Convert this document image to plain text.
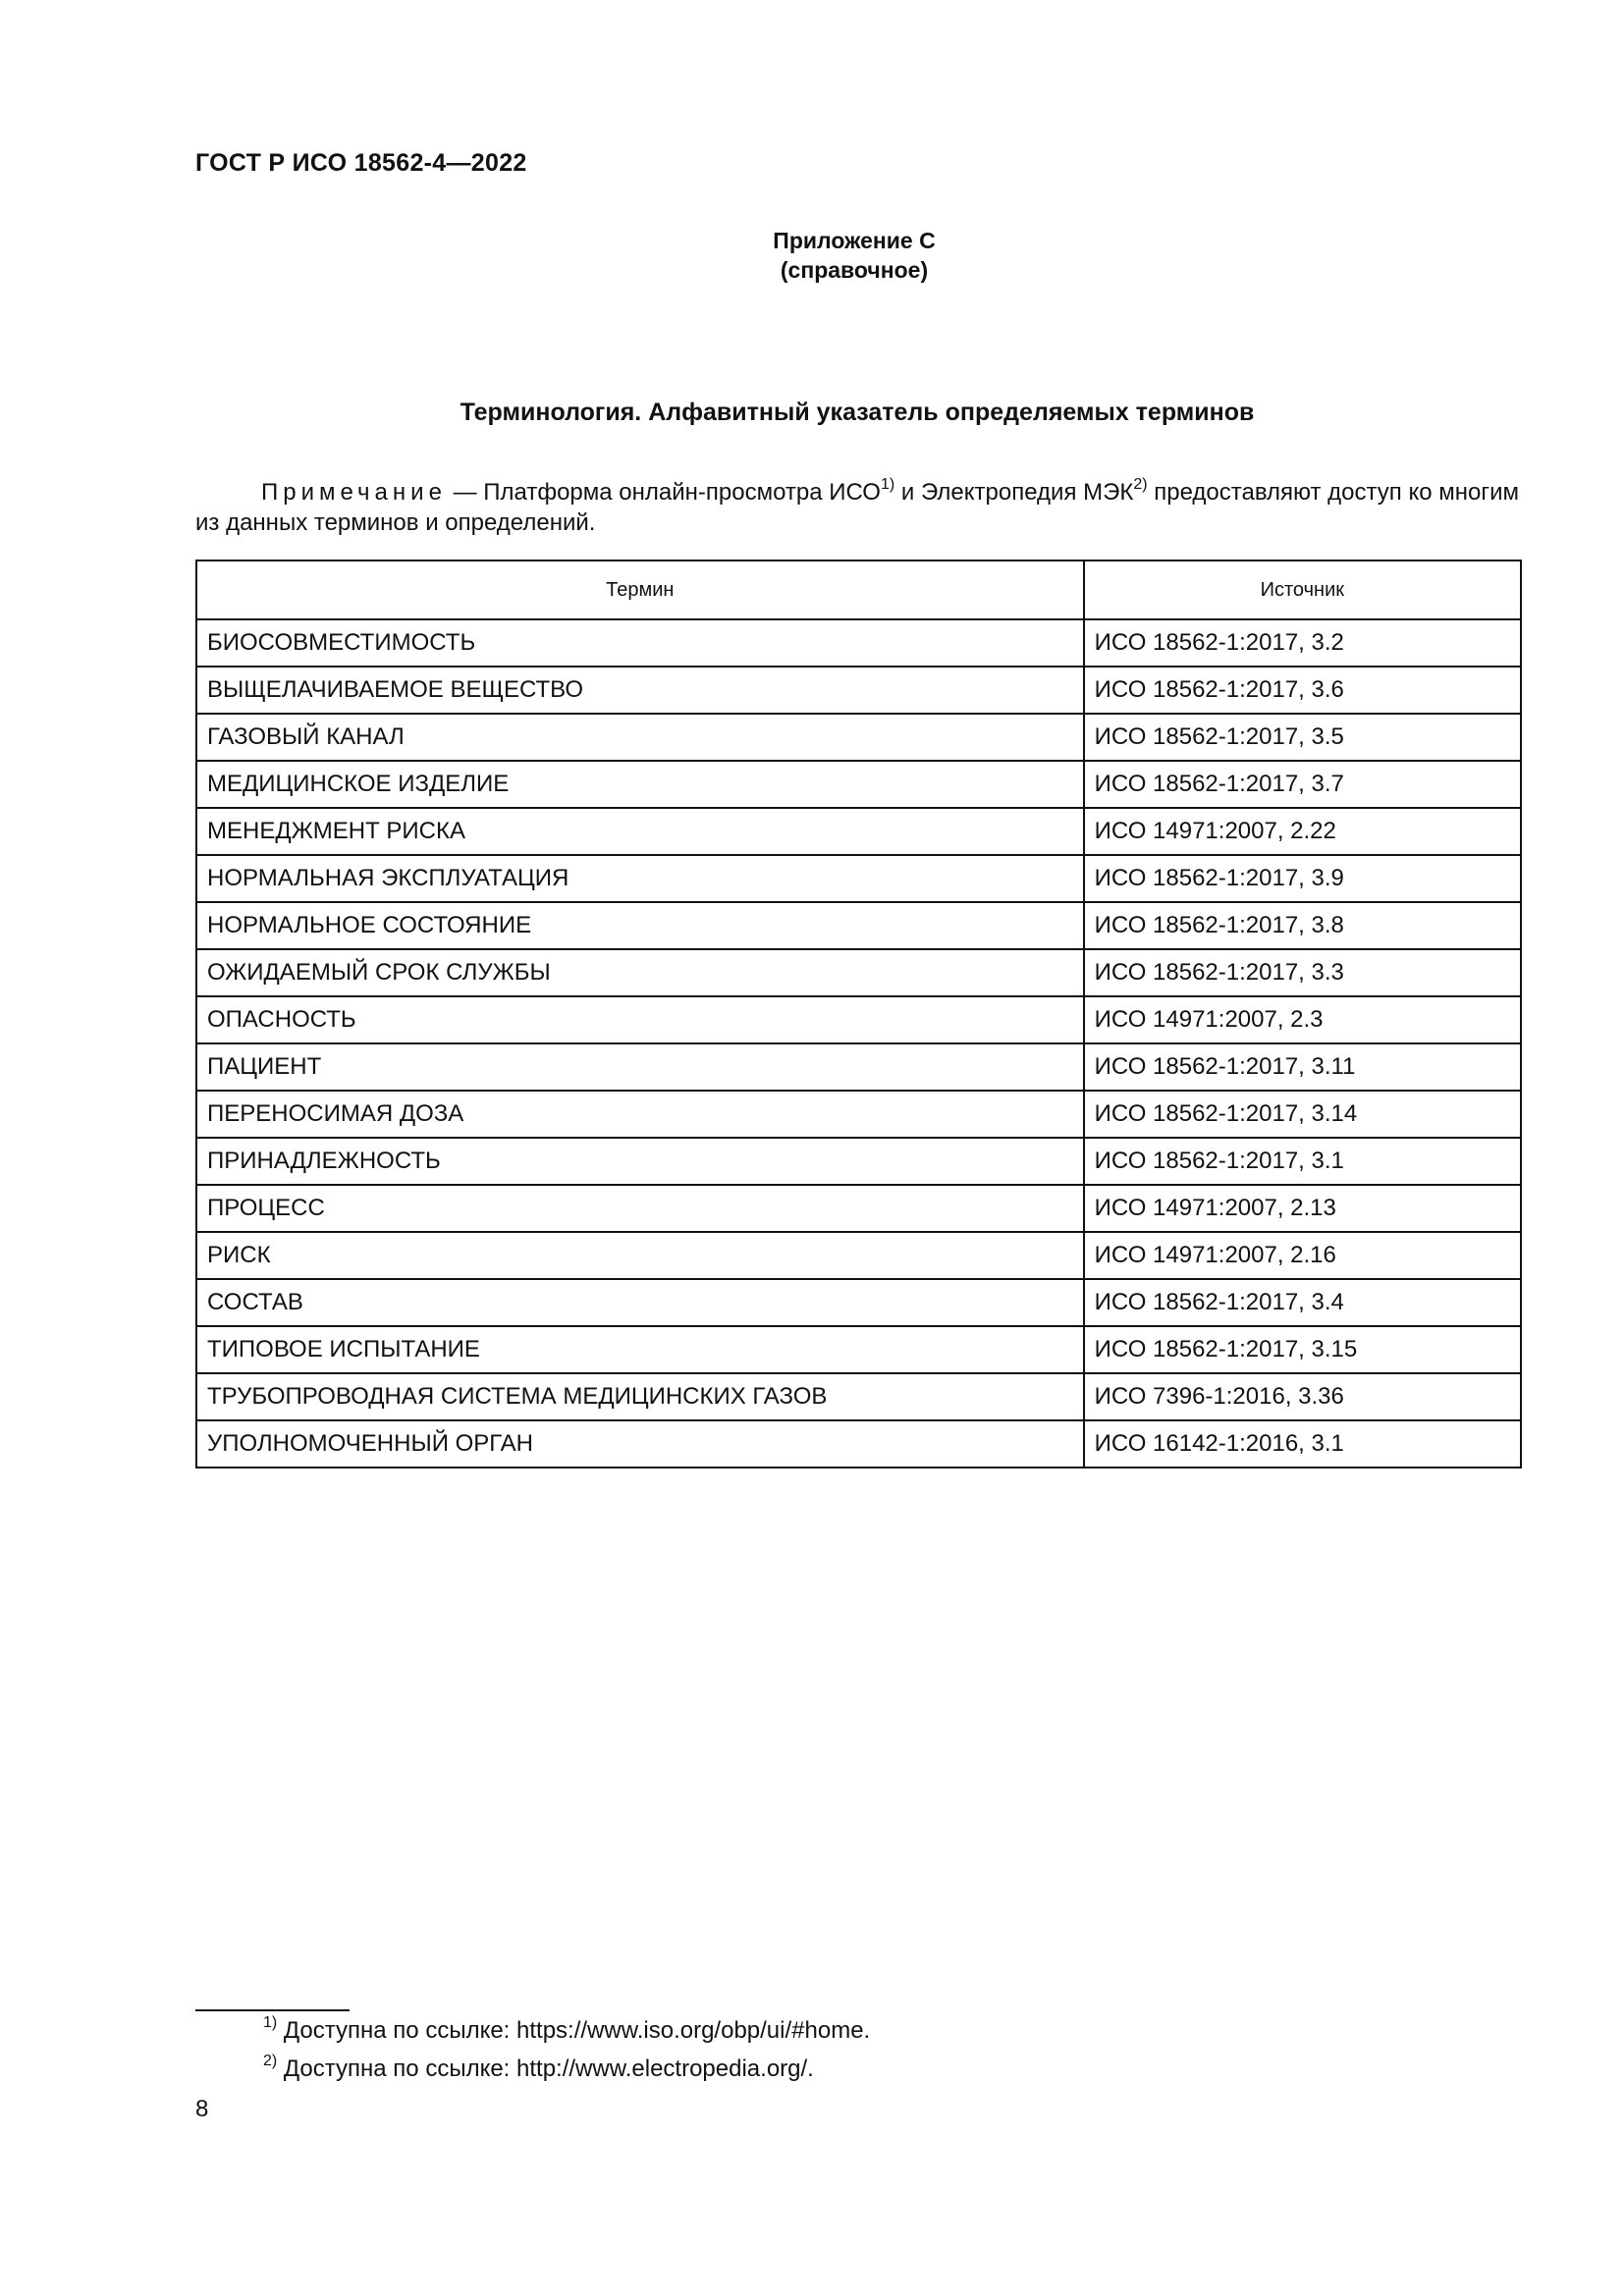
ГОСТ Р ИСО 18562-4—2022
Приложение С
(справочное)
Терминология. Алфавитный указатель определяемых терминов
Примечание — Платформа онлайн-просмотра ИСО$^{1)}$ и Электропедия МЭК$^{2)}$ предоставляют доступ ко многим из данных терминов и определений.
Термин	Источник
БИОСОВМЕСТИМОСТЬ	ИСО 18562-1:2017, 3.2
ВЫЩЕЛАЧИВАЕМОЕ ВЕЩЕСТВО	ИСО 18562-1:2017, 3.6
ГАЗОВЫЙ КАНАЛ	ИСО 18562-1:2017, 3.5
МЕДИЦИНСКОЕ ИЗДЕЛИЕ	ИСО 18562-1:2017, 3.7
МЕНЕДЖМЕНТ РИСКА	ИСО 14971:2007, 2.22
НОРМАЛЬНАЯ ЭКСПЛУАТАЦИЯ	ИСО 18562-1:2017, 3.9
НОРМАЛЬНОЕ СОСТОЯНИЕ	ИСО 18562-1:2017, 3.8
ОЖИДАЕМЫЙ СРОК СЛУЖБЫ	ИСО 18562-1:2017, 3.3
ОПАСНОСТЬ	ИСО 14971:2007, 2.3
ПАЦИЕНТ	ИСО 18562-1:2017, 3.11
ПЕРЕНОСИМАЯ ДОЗА	ИСО 18562-1:2017, 3.14
ПРИНАДЛЕЖНОСТЬ	ИСО 18562-1:2017, 3.1
ПРОЦЕСС	ИСО 14971:2007, 2.13
РИСК	ИСО 14971:2007, 2.16
СОСТАВ	ИСО 18562-1:2017, 3.4
ТИПОВОЕ ИСПЫТАНИЕ	ИСО 18562-1:2017, 3.15
ТРУБОПРОВОДНАЯ СИСТЕМА МЕДИЦИНСКИХ ГАЗОВ	ИСО 7396-1:2016, 3.36
УПОЛНОМОЧЕННЫЙ ОРГАН	ИСО 16142-1:2016, 3.1
$^{1)}$ Доступна по ссылке: https://www.iso.org/obp/ui/#home.
$^{2)}$ Доступна по ссылке: http://www.electropedia.org/.
8
